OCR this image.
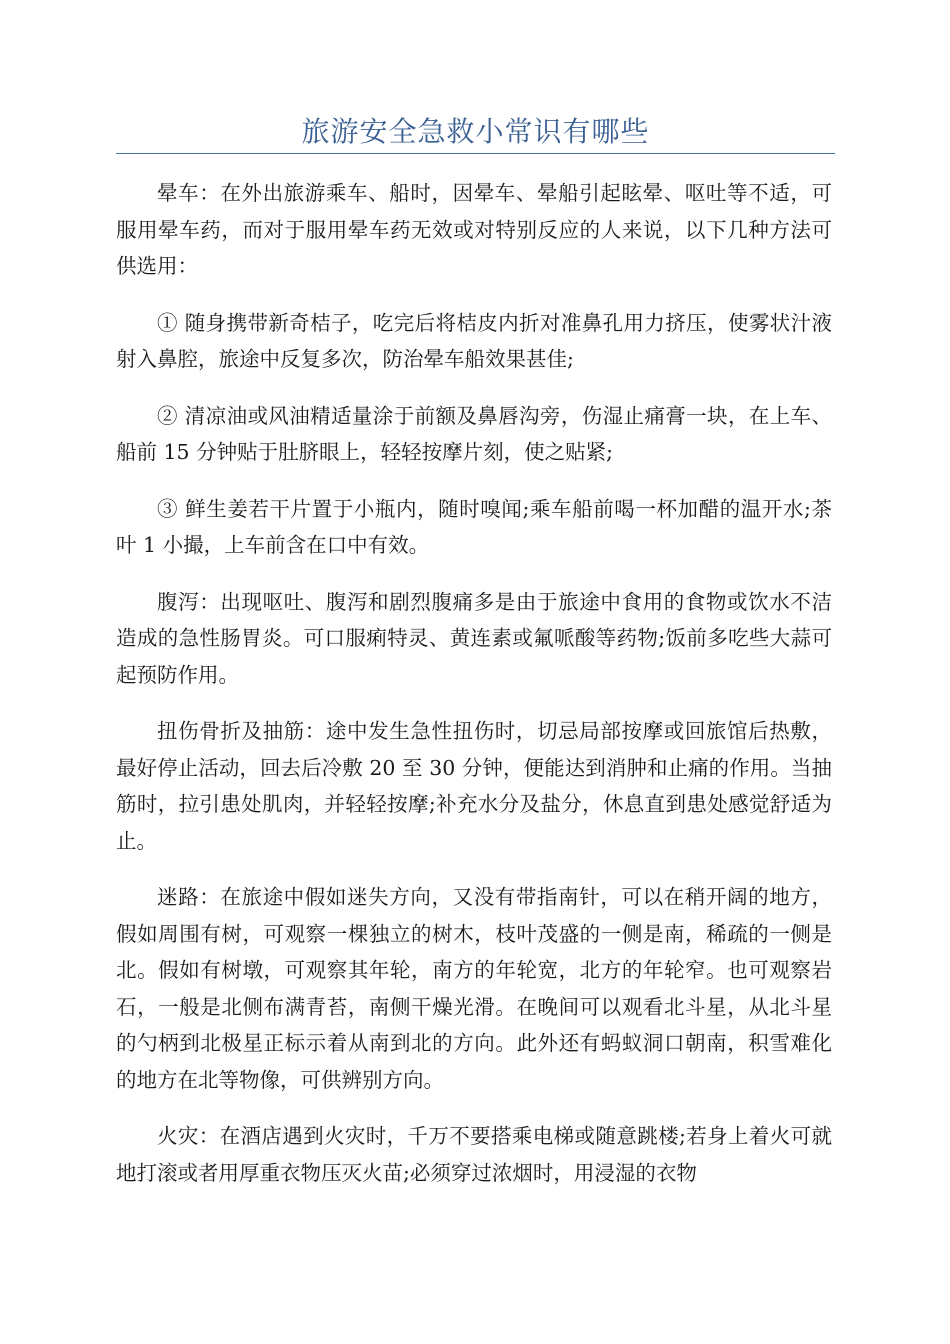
旅游安全急救小常识有哪些

晕车：在外出旅游乘车、船时，因晕车、晕船引起眩晕、呕吐等不适，可服用晕车药，而对于服用晕车药无效或对特别反应的人来说，以下几种方法可供选用：

① 随身携带新奇桔子，吃完后将桔皮内折对准鼻孔用力挤压，使雾状汁液射入鼻腔，旅途中反复多次，防治晕车船效果甚佳;

② 清凉油或风油精适量涂于前额及鼻唇沟旁，伤湿止痛膏一块，在上车、船前 15 分钟贴于肚脐眼上，轻轻按摩片刻，使之贴紧;

③ 鲜生姜若干片置于小瓶内，随时嗅闻;乘车船前喝一杯加醋的温开水;茶叶 1 小撮，上车前含在口中有效。

腹泻：出现呕吐、腹泻和剧烈腹痛多是由于旅途中食用的食物或饮水不洁造成的急性肠胃炎。可口服痢特灵、黄连素或氟哌酸等药物;饭前多吃些大蒜可起预防作用。

扭伤骨折及抽筋：途中发生急性扭伤时，切忌局部按摩或回旅馆后热敷，最好停止活动，回去后冷敷 20 至 30 分钟，便能达到消肿和止痛的作用。当抽筋时，拉引患处肌肉，并轻轻按摩;补充水分及盐分，休息直到患处感觉舒适为止。

迷路：在旅途中假如迷失方向，又没有带指南针，可以在稍开阔的地方，假如周围有树，可观察一棵独立的树木，枝叶茂盛的一侧是南，稀疏的一侧是北。假如有树墩，可观察其年轮，南方的年轮宽，北方的年轮窄。也可观察岩石，一般是北侧布满青苔，南侧干燥光滑。在晚间可以观看北斗星，从北斗星的勺柄到北极星正标示着从南到北的方向。此外还有蚂蚁洞口朝南，积雪难化的地方在北等物像，可供辨别方向。

火灾：在酒店遇到火灾时，千万不要搭乘电梯或随意跳楼;若身上着火可就地打滚或者用厚重衣物压灭火苗;必须穿过浓烟时，用浸湿的衣物
